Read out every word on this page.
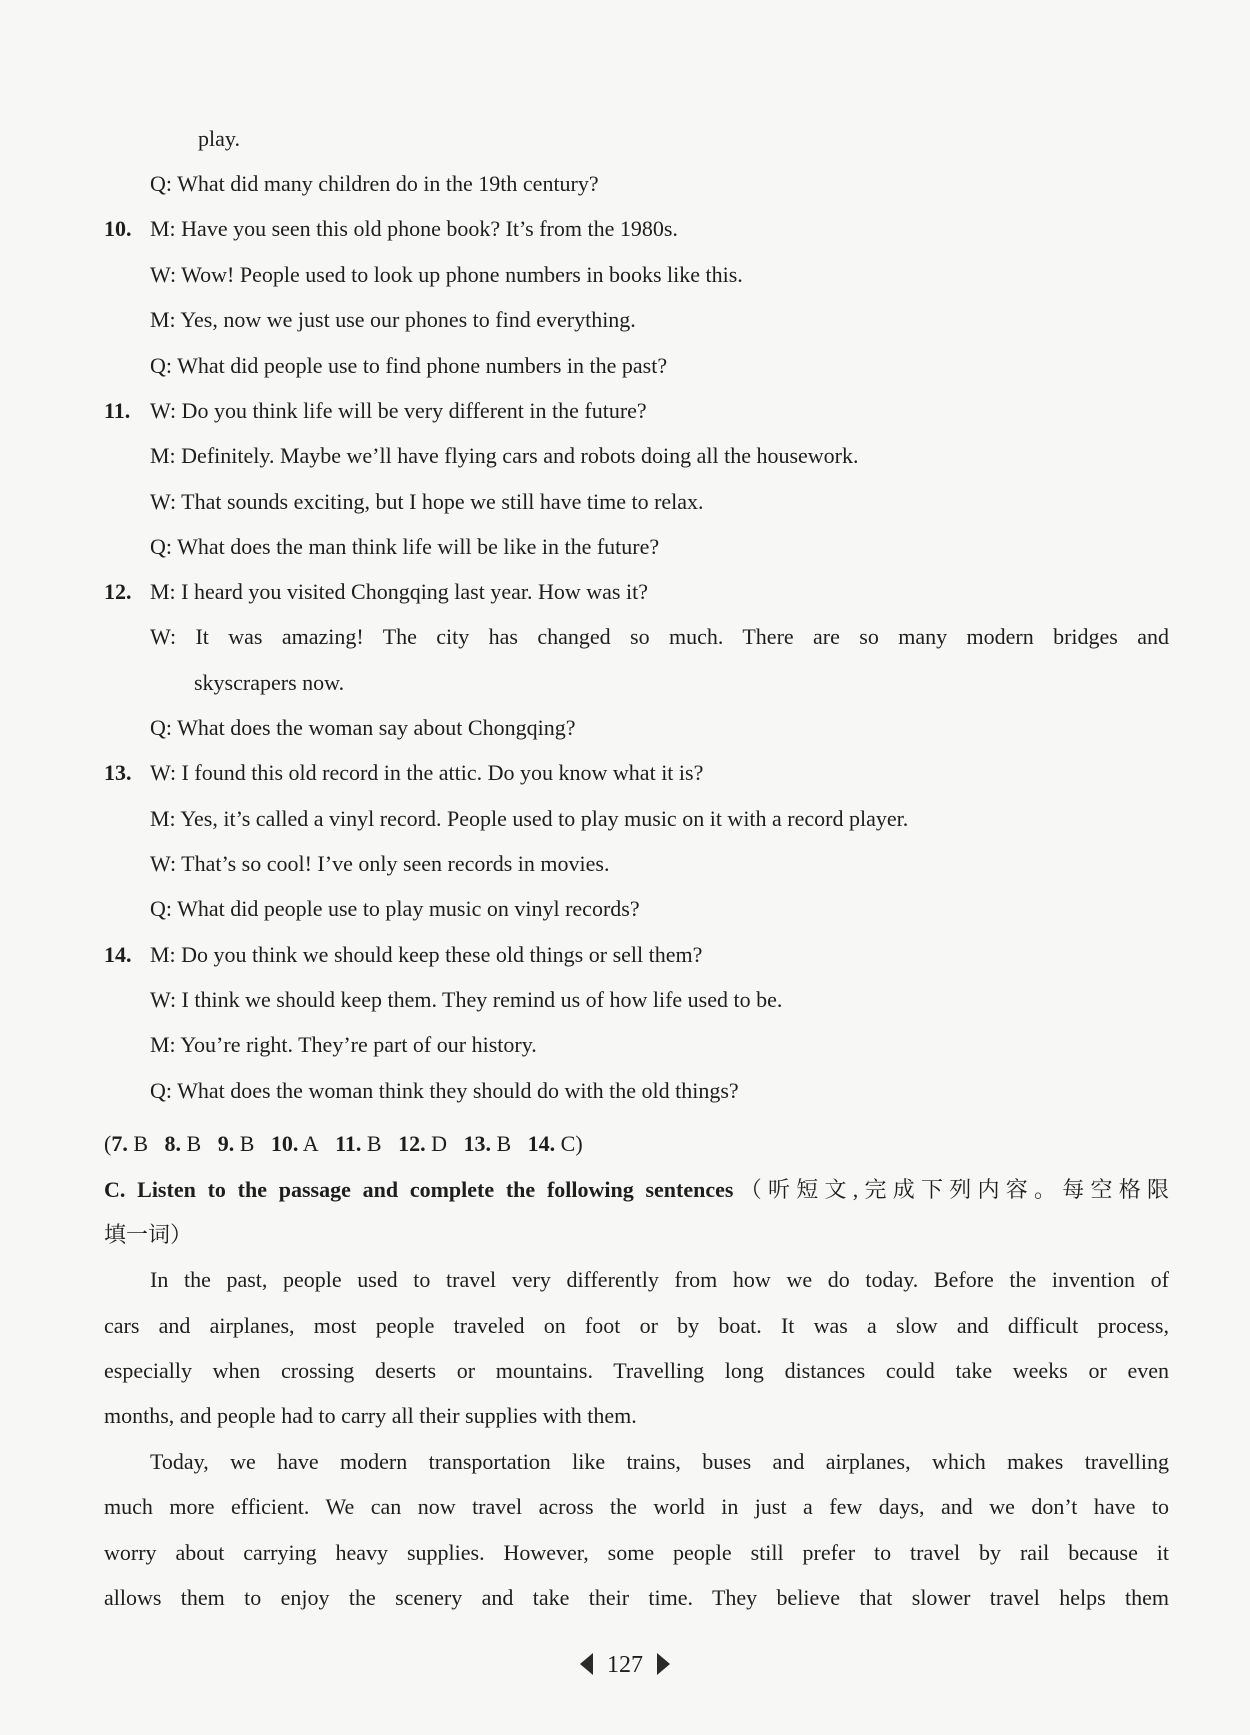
play.
Q: What did many children do in the 19th century?
10. M: Have you seen this old phone book? It’s from the 1980s.
W: Wow! People used to look up phone numbers in books like this.
M: Yes, now we just use our phones to find everything.
Q: What did people use to find phone numbers in the past?
11. W: Do you think life will be very different in the future?
M: Definitely. Maybe we’ll have flying cars and robots doing all the housework.
W: That sounds exciting, but I hope we still have time to relax.
Q: What does the man think life will be like in the future?
12. M: I heard you visited Chongqing last year. How was it?
W: It was amazing! The city has changed so much. There are so many modern bridges and
skyscrapers now.
Q: What does the woman say about Chongqing?
13. W: I found this old record in the attic. Do you know what it is?
M: Yes, it’s called a vinyl record. People used to play music on it with a record player.
W: That’s so cool! I’ve only seen records in movies.
Q: What did people use to play music on vinyl records?
14. M: Do you think we should keep these old things or sell them?
W: I think we should keep them. They remind us of how life used to be.
M: You’re right. They’re part of our history.
Q: What does the woman think they should do with the old things?
(7. B 8. B 9. B 10. A 11. B 12. D 13. B 14. C)
C. Listen to the passage and complete the following sentences（听短文,完成下列内容。每空格限
填一词）
In the past, people used to travel very differently from how we do today. Before the invention of
cars and airplanes, most people traveled on foot or by boat. It was a slow and difficult process,
especially when crossing deserts or mountains. Travelling long distances could take weeks or even
months, and people had to carry all their supplies with them.
Today, we have modern transportation like trains, buses and airplanes, which makes travelling
much more efficient. We can now travel across the world in just a few days, and we don’t have to
worry about carrying heavy supplies. However, some people still prefer to travel by rail because it
allows them to enjoy the scenery and take their time. They believe that slower travel helps them
127
